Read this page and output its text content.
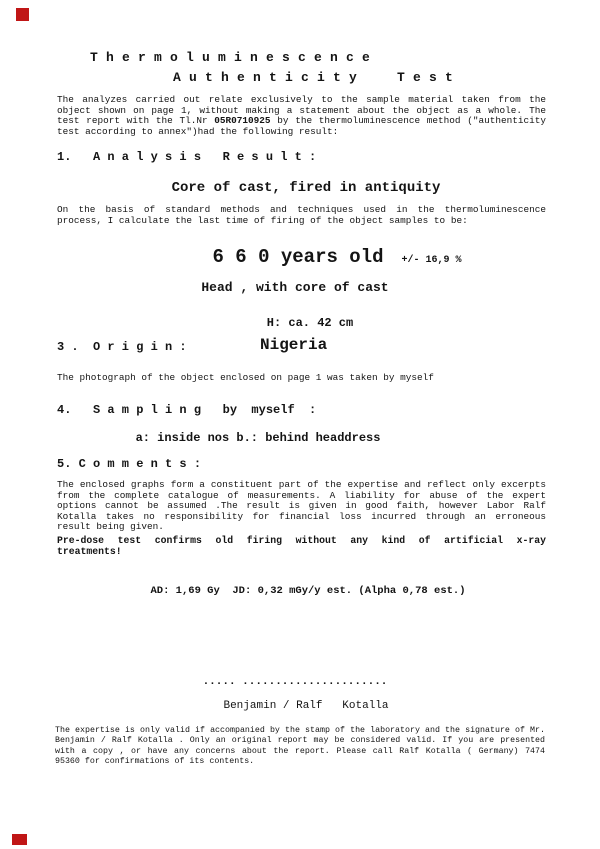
T h e r m o l u m i n e s c e n c e
A u t h e n t i c i t y     T e s t
The analyzes carried out relate exclusively to the sample material taken from the object shown on page 1, without making a statement about the object as a whole. The test report with the Tl.Nr 05R0710925 by the thermoluminescence method ("authenticity test according to annex")had the following result:
1.   A n a l y s i s   R e s u l t :
Core of cast, fired in antiquity
On the basis of standard methods and techniques used in the thermoluminescence process, I calculate the last time of firing of the object samples to be:
6 6 0 years old +/- 16,9 %
Head , with core of cast
H: ca. 42 cm
3 .  O r i g i n :	Nigeria
The photograph of the object enclosed on page 1 was taken by myself
4.   S a m p l i n g   by  myself  :
a: inside nos b.: behind headdress
5. C o m m e n t s :
The enclosed graphs form a constituent part of the expertise and reflect only excerpts from the complete catalogue of measurements. A liability for abuse of the expert options cannot be assumed .The result is given in good faith, however Labor Ralf Kotalla takes no responsibility for financial loss incurred through an erroneous result being given.
Pre-dose test confirms old firing without any kind of artificial x-ray
treatments!
AD: 1,69 Gy  JD: 0,32 mGy/y est. (Alpha 0,78 est.)
..... ......................
Benjamin / Ralf   Kotalla
The expertise is only valid if accompanied by the stamp of the laboratory and the signature of Mr. Benjamin / Ralf Kotalla . Only an original report may be considered valid. If you are presented with a copy , or have any concerns about the report. Please call Ralf Kotalla ( Germany) 7474 95360 for confirmations of its contents.
